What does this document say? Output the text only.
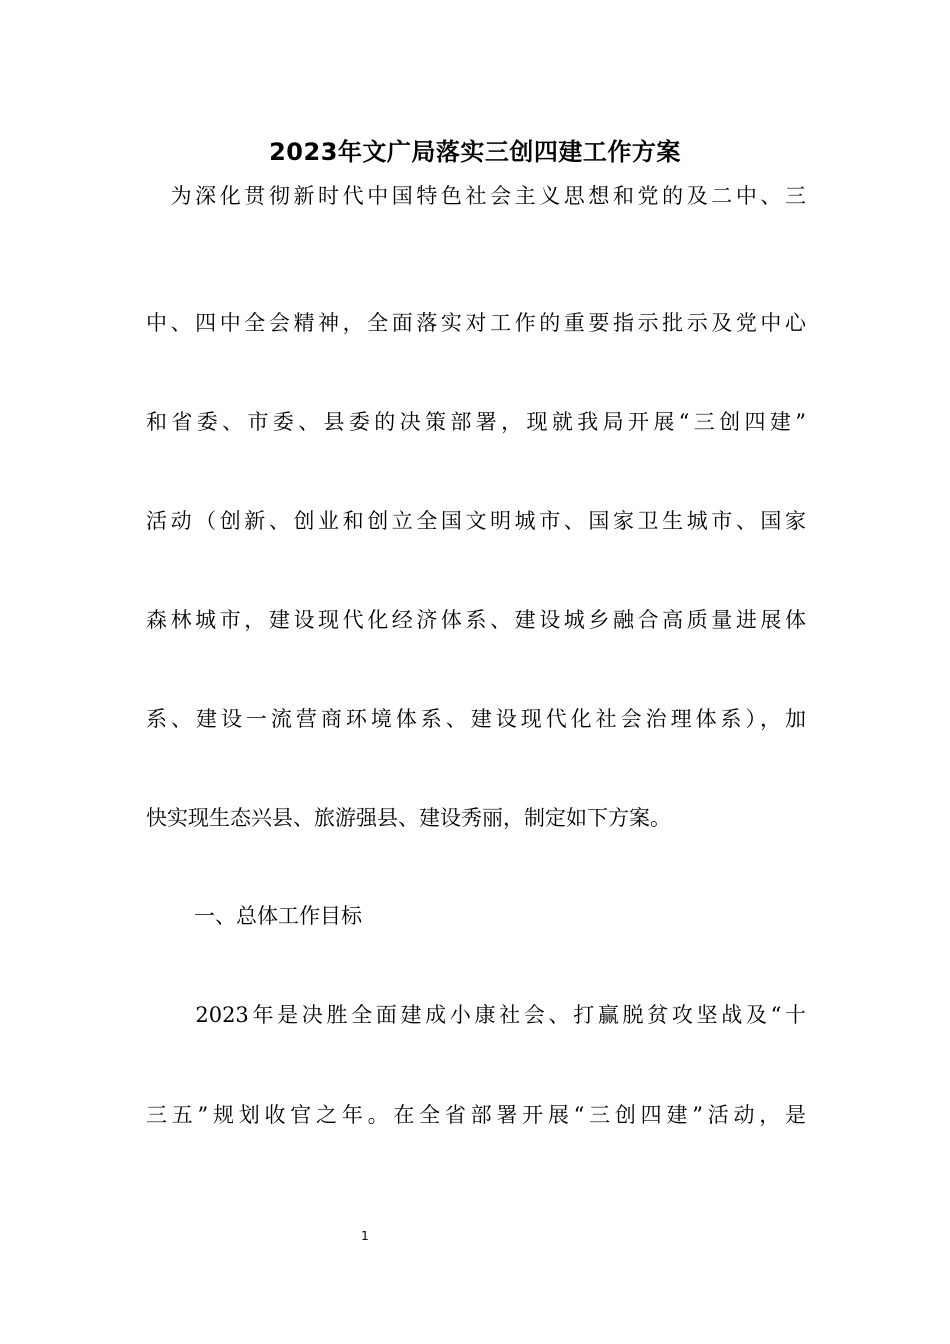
2023年文广局落实三创四建工作方案
　为深化贯彻新时代中国特色社会主义思想和党的及二中、三
中、四中全会精神，全面落实对工作的重要指示批示及党中心
和省委、市委、县委的决策部署，现就我局开展“三创四建”
活动（创新、创业和创立全国文明城市、国家卫生城市、国家
森林城市，建设现代化经济体系、建设城乡融合高质量进展体
系、建设一流营商环境体系、建设现代化社会治理体系），加
快实现生态兴县、旅游强县、建设秀丽，制定如下方案。
一、总体工作目标
　　2023年是决胜全面建成小康社会、打赢脱贫攻坚战及“十
三五”规划收官之年。在全省部署开展“三创四建”活动，是
1
